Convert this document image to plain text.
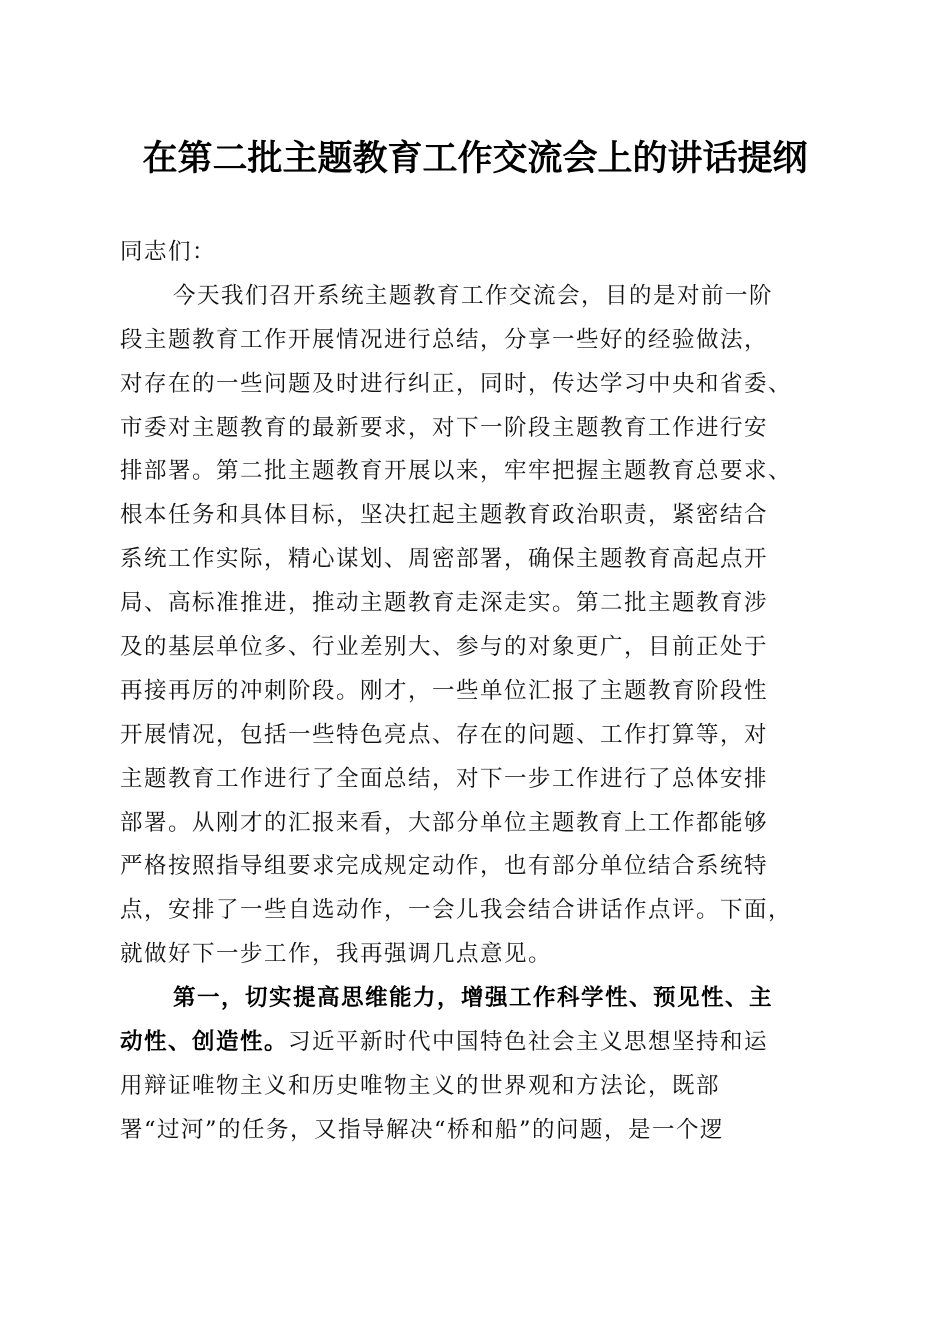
在第二批主题教育工作交流会上的讲话提纲
同志们：
今天我们召开系统主题教育工作交流会，目的是对前一阶
段主题教育工作开展情况进行总结，分享一些好的经验做法，
对存在的一些问题及时进行纠正，同时，传达学习中央和省委、
市委对主题教育的最新要求，对下一阶段主题教育工作进行安
排部署。第二批主题教育开展以来，牢牢把握主题教育总要求、
根本任务和具体目标，坚决扛起主题教育政治职责，紧密结合
系统工作实际，精心谋划、周密部署，确保主题教育高起点开
局、高标准推进，推动主题教育走深走实。第二批主题教育涉
及的基层单位多、行业差别大、参与的对象更广，目前正处于
再接再厉的冲刺阶段。刚才，一些单位汇报了主题教育阶段性
开展情况，包括一些特色亮点、存在的问题、工作打算等，对
主题教育工作进行了全面总结，对下一步工作进行了总体安排
部署。从刚才的汇报来看，大部分单位主题教育上工作都能够
严格按照指导组要求完成规定动作，也有部分单位结合系统特
点，安排了一些自选动作，一会儿我会结合讲话作点评。下面，
就做好下一步工作，我再强调几点意见。
第一，切实提高思维能力，增强工作科学性、预见性、主
动性、创造性。习近平新时代中国特色社会主义思想坚持和运
用辩证唯物主义和历史唯物主义的世界观和方法论，既部
署“过河”的任务，又指导解决“桥和船”的问题，是一个逻
